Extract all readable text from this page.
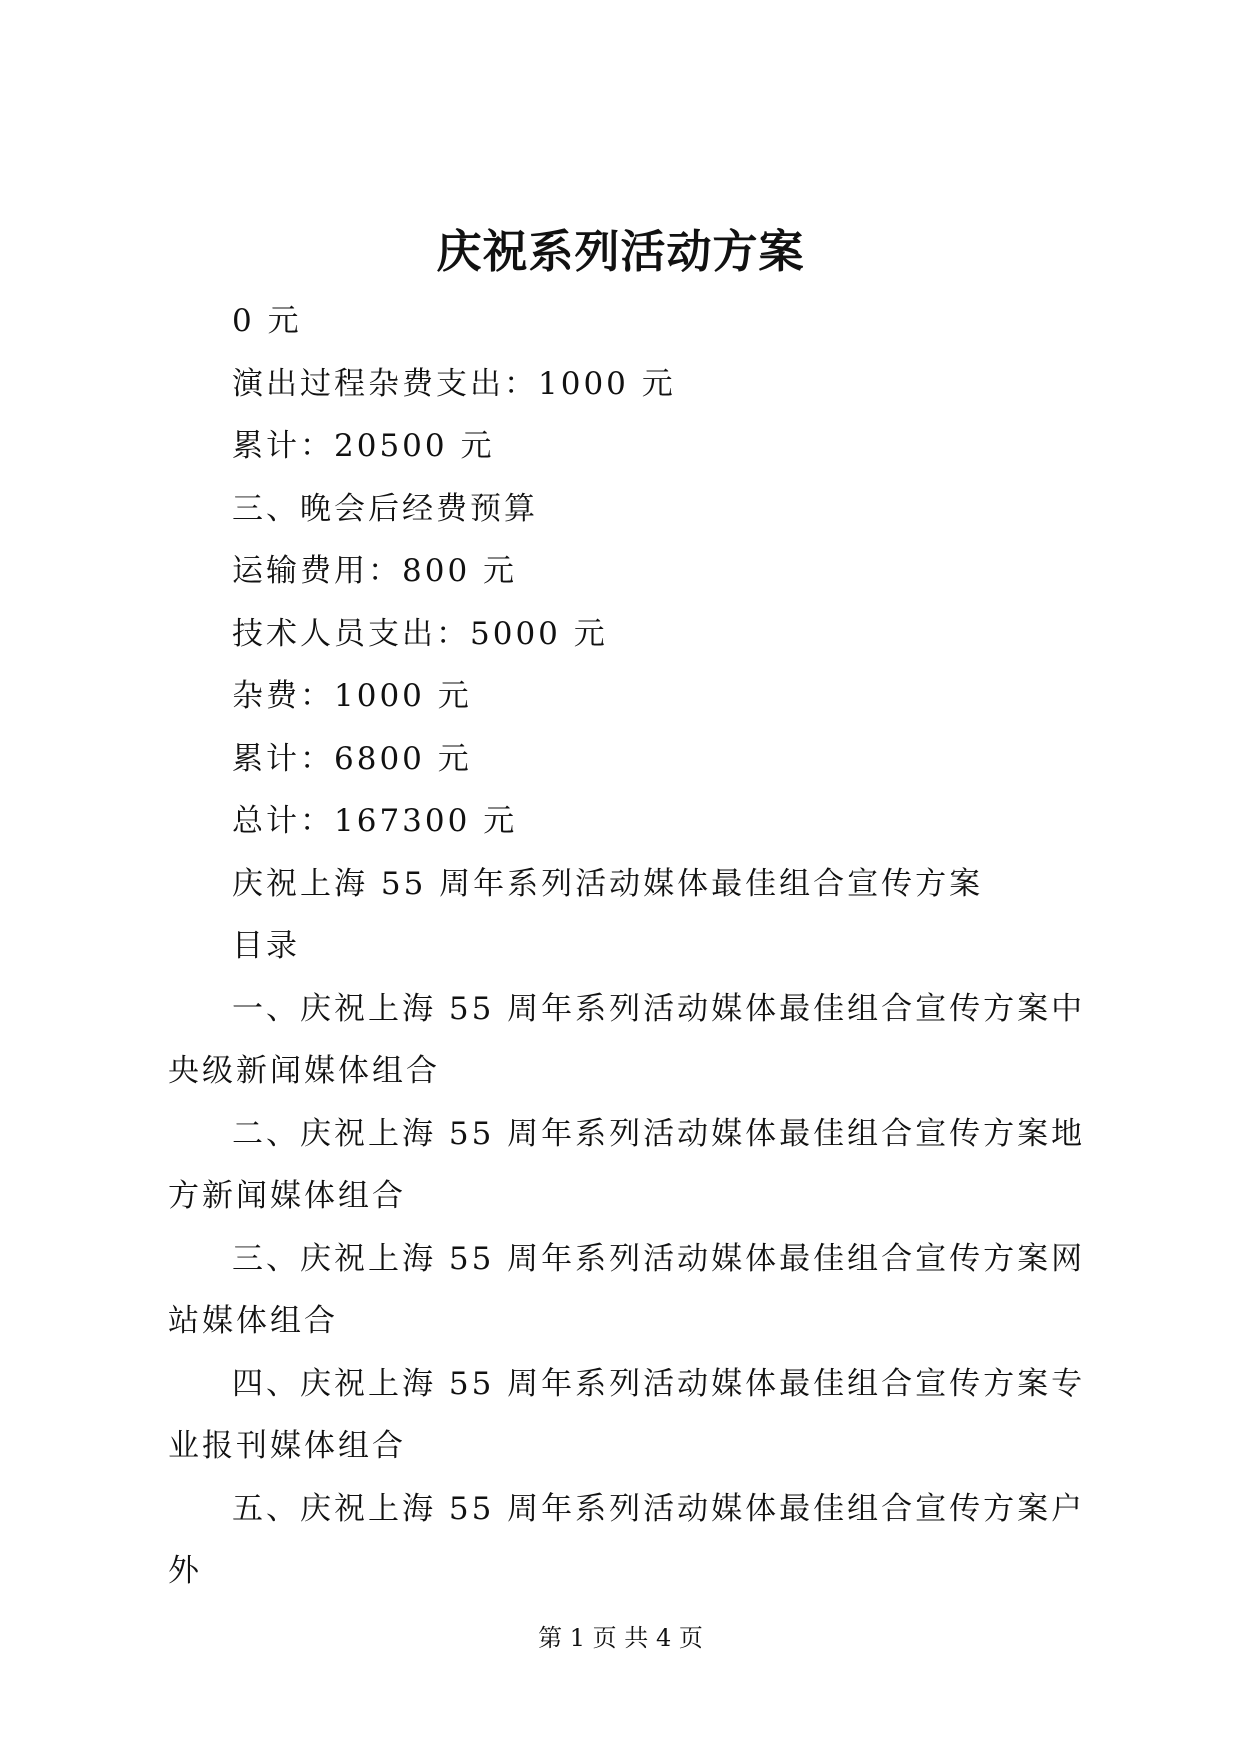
庆祝系列活动方案

0 元

演出过程杂费支出：1000 元

累计：20500 元

三、晚会后经费预算

运输费用：800 元

技术人员支出：5000 元

杂费：1000 元

累计：6800 元

总计：167300 元

庆祝上海 55 周年系列活动媒体最佳组合宣传方案

目录

一、庆祝上海 55 周年系列活动媒体最佳组合宣传方案中央级新闻媒体组合

二、庆祝上海 55 周年系列活动媒体最佳组合宣传方案地方新闻媒体组合

三、庆祝上海 55 周年系列活动媒体最佳组合宣传方案网站媒体组合

四、庆祝上海 55 周年系列活动媒体最佳组合宣传方案专业报刊媒体组合

五、庆祝上海 55 周年系列活动媒体最佳组合宣传方案户外

第 1 页 共 4 页
